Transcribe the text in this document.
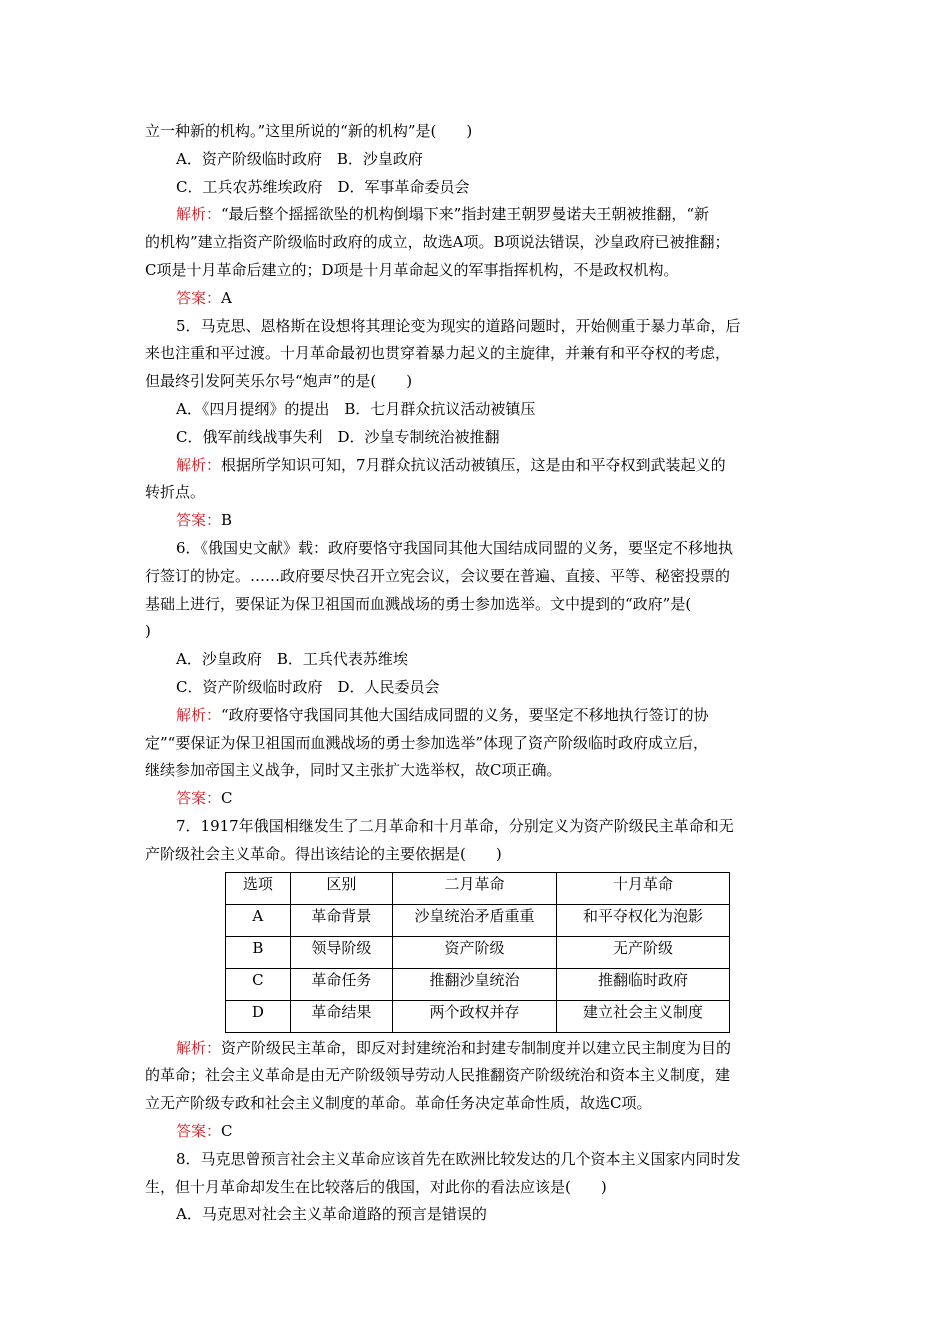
立一种新的机构。”这里所说的“新的机构”是(　　)

A．资产阶级临时政府　B．沙皇政府

C．工兵农苏维埃政府　D．军事革命委员会

解析：“最后整个摇摇欲坠的机构倒塌下来”指封建王朝罗曼诺夫王朝被推翻，“新

的机构”建立指资产阶级临时政府的成立，故选A项。B项说法错误，沙皇政府已被推翻；

C项是十月革命后建立的；D项是十月革命起义的军事指挥机构，不是政权机构。

答案：A

5．马克思、恩格斯在设想将其理论变为现实的道路问题时，开始侧重于暴力革命，后

来也注重和平过渡。十月革命最初也贯穿着暴力起义的主旋律，并兼有和平夺权的考虑，

但最终引发阿芙乐尔号“炮声”的是(　　)

A．《四月提纲》的提出　B．七月群众抗议活动被镇压

C．俄军前线战事失利　D．沙皇专制统治被推翻

解析：根据所学知识可知，7月群众抗议活动被镇压，这是由和平夺权到武装起义的

转折点。

答案：B

6．《俄国史文献》载：政府要恪守我国同其他大国结成同盟的义务，要坚定不移地执

行签订的协定。……政府要尽快召开立宪会议，会议要在普遍、直接、平等、秘密投票的

基础上进行，要保证为保卫祖国而血溅战场的勇士参加选举。文中提到的“政府”是(

)

A．沙皇政府　B．工兵代表苏维埃

C．资产阶级临时政府　D．人民委员会

解析：“政府要恪守我国同其他大国结成同盟的义务，要坚定不移地执行签订的协

定”“要保证为保卫祖国而血溅战场的勇士参加选举”体现了资产阶级临时政府成立后，

继续参加帝国主义战争，同时又主张扩大选举权，故C项正确。

答案：C

7．1917年俄国相继发生了二月革命和十月革命，分别定义为资产阶级民主革命和无

产阶级社会主义革命。得出该结论的主要依据是(　　)

选项	区别	二月革命	十月革命
A	革命背景	沙皇统治矛盾重重	和平夺权化为泡影
B	领导阶级	资产阶级	无产阶级
C	革命任务	推翻沙皇统治	推翻临时政府
D	革命结果	两个政权并存	建立社会主义制度

解析：资产阶级民主革命，即反对封建统治和封建专制制度并以建立民主制度为目的

的革命；社会主义革命是由无产阶级领导劳动人民推翻资产阶级统治和资本主义制度，建

立无产阶级专政和社会主义制度的革命。革命任务决定革命性质，故选C项。

答案：C

8．马克思曾预言社会主义革命应该首先在欧洲比较发达的几个资本主义国家内同时发

生，但十月革命却发生在比较落后的俄国，对此你的看法应该是(　　)

A．马克思对社会主义革命道路的预言是错误的
